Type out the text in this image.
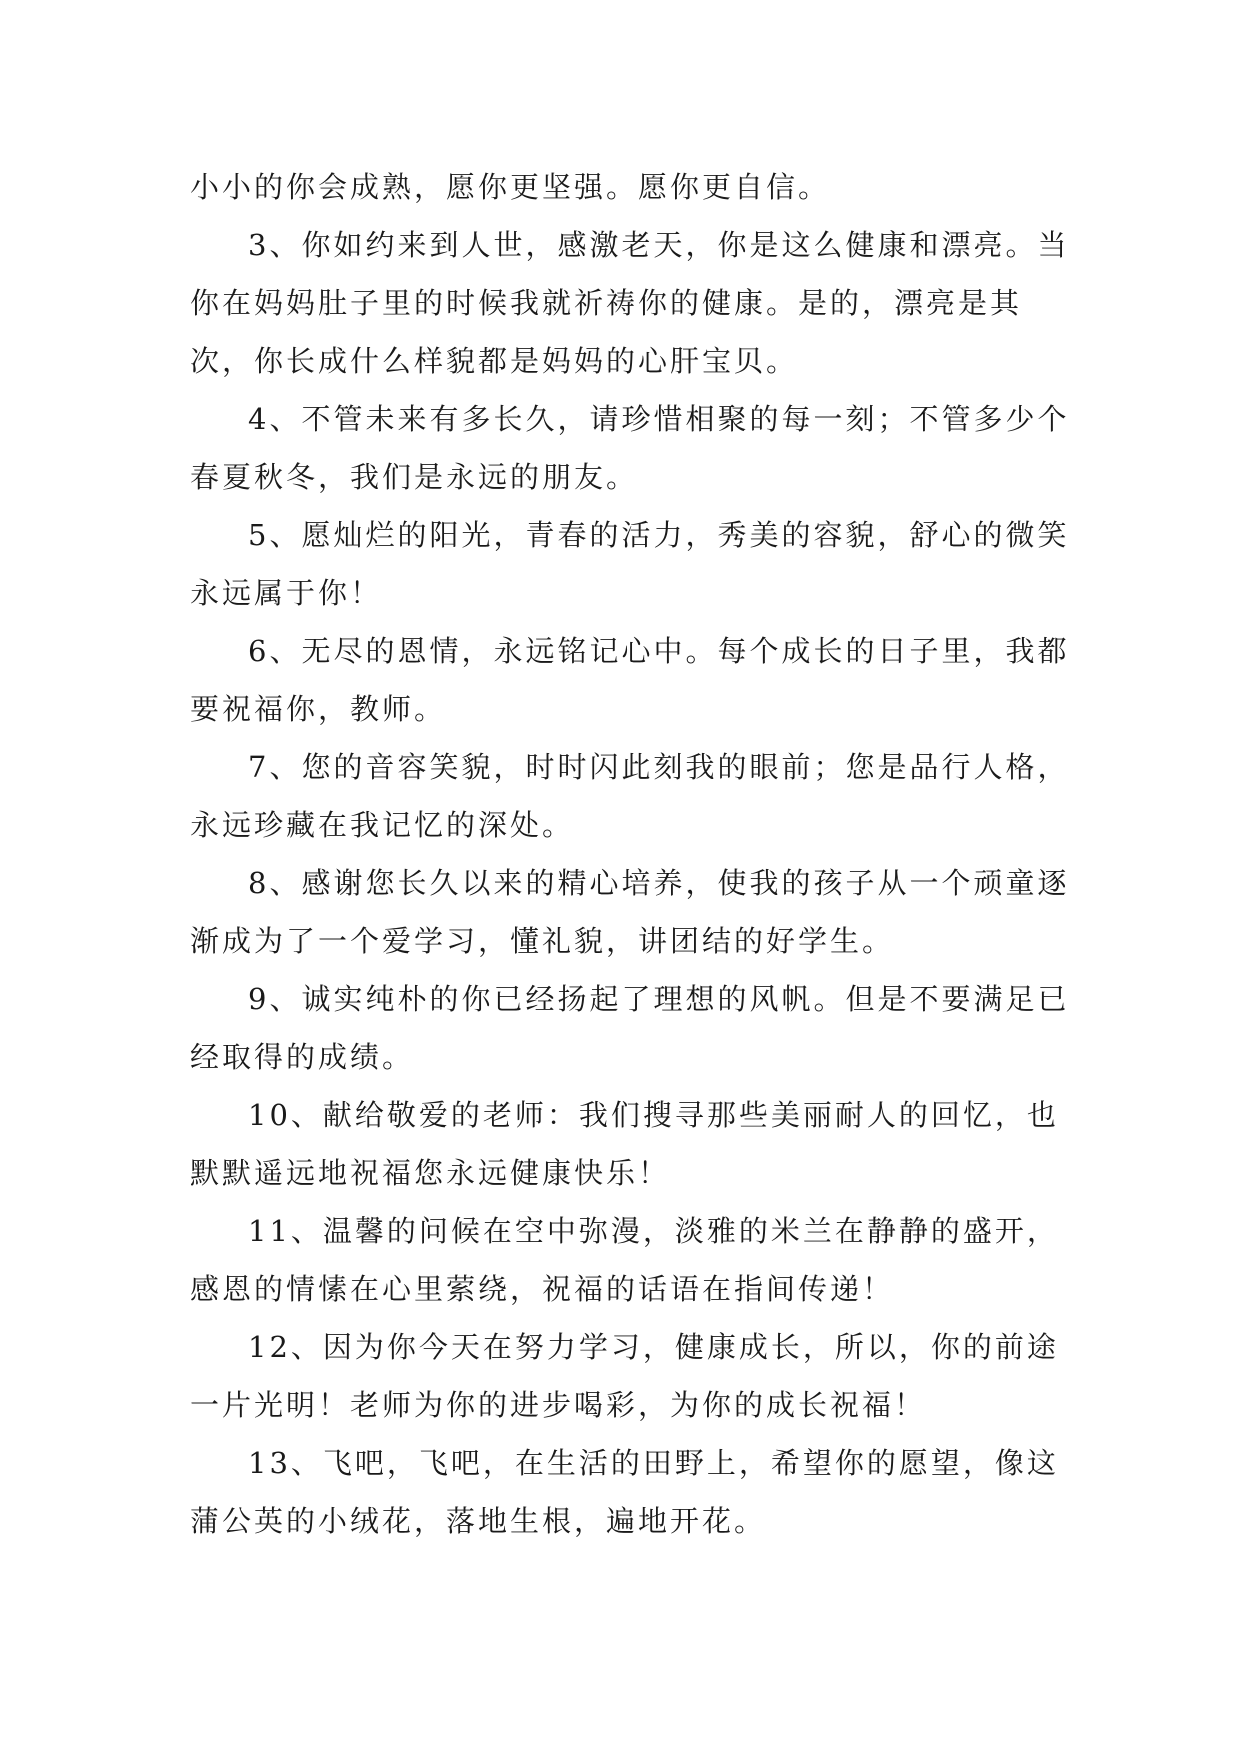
小小的你会成熟，愿你更坚强。愿你更自信。

3、你如约来到人世，感激老天，你是这么健康和漂亮。当你在妈妈肚子里的时候我就祈祷你的健康。是的，漂亮是其次，你长成什么样貌都是妈妈的心肝宝贝。

4、不管未来有多长久，请珍惜相聚的每一刻；不管多少个春夏秋冬，我们是永远的朋友。

5、愿灿烂的阳光，青春的活力，秀美的容貌，舒心的微笑永远属于你！

6、无尽的恩情，永远铭记心中。每个成长的日子里，我都要祝福你，教师。

7、您的音容笑貌，时时闪此刻我的眼前；您是品行人格，永远珍藏在我记忆的深处。

8、感谢您长久以来的精心培养，使我的孩子从一个顽童逐渐成为了一个爱学习，懂礼貌，讲团结的好学生。

9、诚实纯朴的你已经扬起了理想的风帆。但是不要满足已经取得的成绩。

10、献给敬爱的老师：我们搜寻那些美丽耐人的回忆，也默默遥远地祝福您永远健康快乐！

11、温馨的问候在空中弥漫，淡雅的米兰在静静的盛开，感恩的情愫在心里萦绕，祝福的话语在指间传递！

12、因为你今天在努力学习，健康成长，所以，你的前途一片光明！老师为你的进步喝彩，为你的成长祝福！

13、飞吧，飞吧，在生活的田野上，希望你的愿望，像这蒲公英的小绒花，落地生根，遍地开花。
